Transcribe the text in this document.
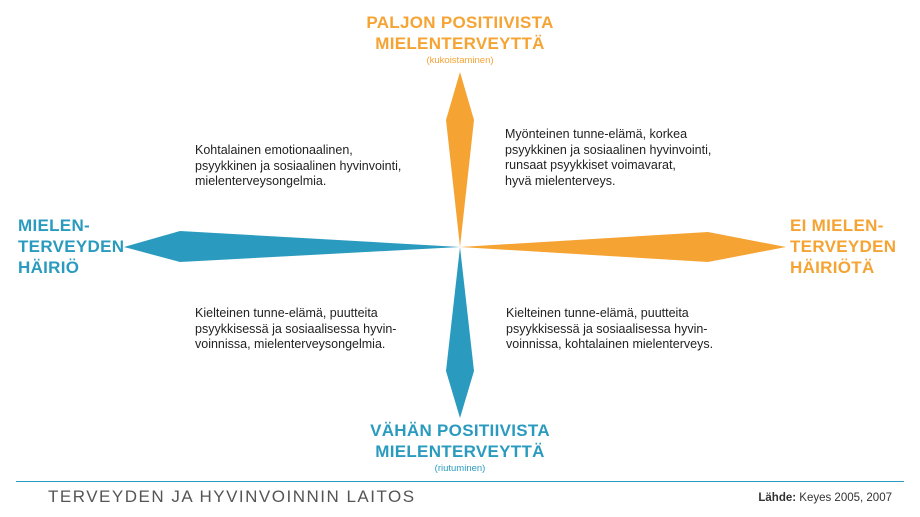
PALJON POSITIIVISTA
MIELENTERVEYTTÄ
(kukoistaminen)
MIELEN-
TERVEYDEN
HÄIRIÖ
EI MIELEN-
TERVEYDEN
HÄIRIÖTÄ
VÄHÄN POSITIIVISTA
MIELENTERVEYTTÄ
(riutuminen)
Kohtalainen emotionaalinen,
psyykkinen ja sosiaalinen hyvinvointi,
mielenterveysongelmia.
Myönteinen tunne-elämä, korkea
psyykkinen ja sosiaalinen hyvinvointi,
runsaat psyykkiset voimavarat,
hyvä mielenterveys.
Kielteinen tunne-elämä, puutteita
psyykkisessä ja sosiaalisessa hyvin-
voinnissa, mielenterveysongelmia.
Kielteinen tunne-elämä, puutteita
psyykkisessä ja sosiaalisessa hyvin-
voinnissa, kohtalainen mielenterveys.
TERVEYDEN JA HYVINVOINNIN LAITOS	Lähde: Keyes 2005, 2007
